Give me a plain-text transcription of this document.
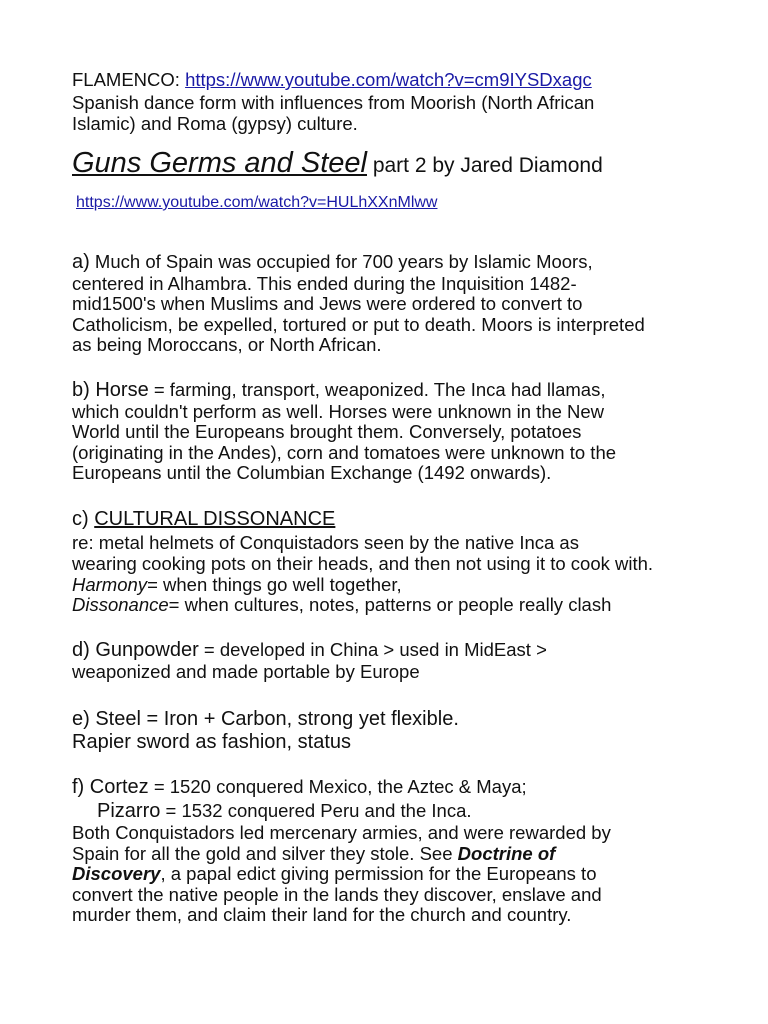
FLAMENCO: https://www.youtube.com/watch?v=cm9IYSDxagc
Spanish dance form with influences from Moorish (North African
Islamic) and Roma (gypsy) culture.
Guns Germs and Steel part 2 by Jared Diamond
https://www.youtube.com/watch?v=HULhXXnMlww
a) Much of Spain was occupied for 700 years by Islamic Moors,
centered in Alhambra. This ended during the Inquisition 1482-
mid1500's when Muslims and Jews were ordered to convert to
Catholicism, be expelled, tortured or put to death. Moors is interpreted
as being Moroccans, or North African.
b) Horse = farming, transport, weaponized. The Inca had llamas,
which couldn't perform as well. Horses were unknown in the New
World until the Europeans brought them. Conversely, potatoes
(originating in the Andes), corn and tomatoes were unknown to the
Europeans until the Columbian Exchange (1492 onwards).
c) CULTURAL DISSONANCE
re: metal helmets of Conquistadors seen by the native Inca as
wearing cooking pots on their heads, and then not using it to cook with.
Harmony= when things go well together,
Dissonance= when cultures, notes, patterns or people really clash
d) Gunpowder = developed in China > used in MidEast >
weaponized and made portable by Europe
e) Steel = Iron + Carbon, strong yet flexible.
Rapier sword as fashion, status
f) Cortez = 1520 conquered Mexico, the Aztec & Maya;
Pizarro = 1532 conquered Peru and the Inca.
Both Conquistadors led mercenary armies, and were rewarded by
Spain for all the gold and silver they stole. See Doctrine of
Discovery, a papal edict giving permission for the Europeans to
convert the native people in the lands they discover, enslave and
murder them, and claim their land for the church and country.
